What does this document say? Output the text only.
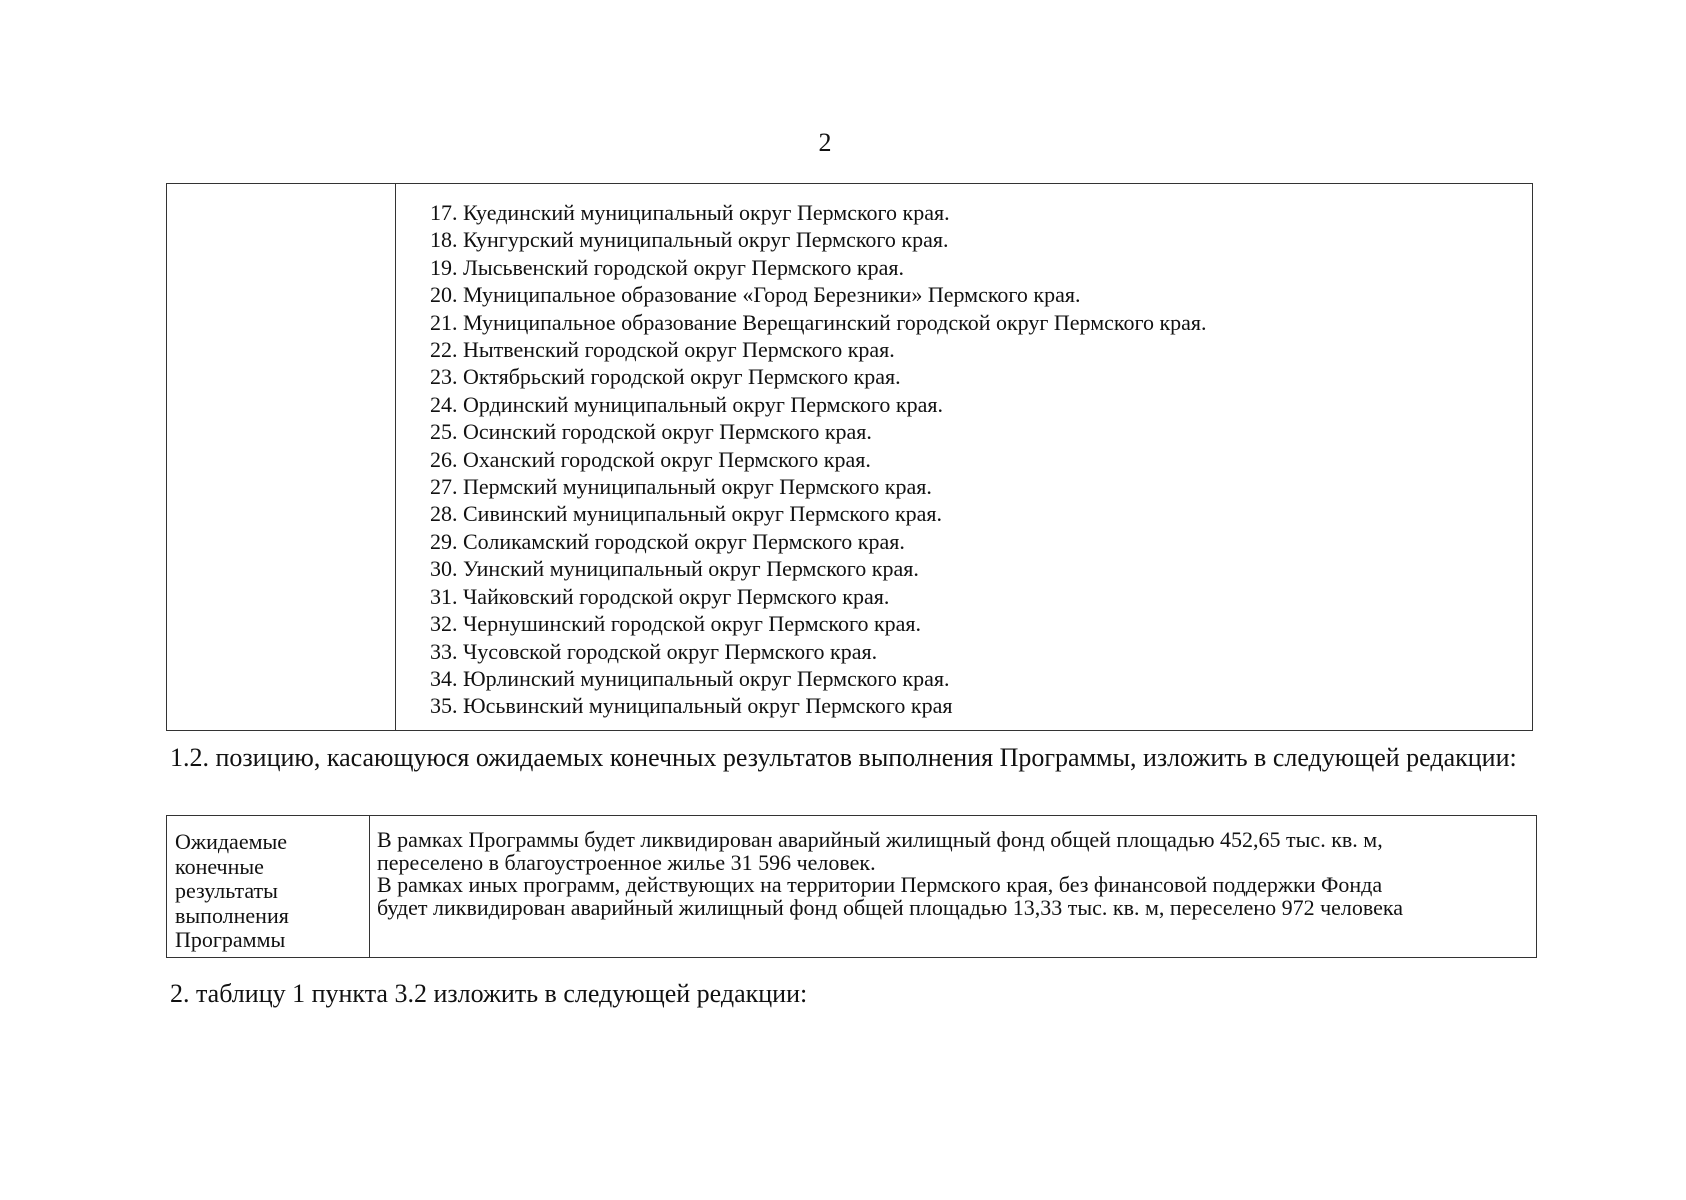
2
17. Куединский муниципальный округ Пермского края.
18. Кунгурский муниципальный округ Пермского края.
19. Лысьвенский городской округ Пермского края.
20. Муниципальное образование «Город Березники» Пермского края.
21. Муниципальное образование Верещагинский городской округ Пермского края.
22. Нытвенский городской округ Пермского края.
23. Октябрьский городской округ Пермского края.
24. Ординский муниципальный округ Пермского края.
25. Осинский городской округ Пермского края.
26. Оханский городской округ Пермского края.
27. Пермский муниципальный округ Пермского края.
28. Сивинский муниципальный округ Пермского края.
29. Соликамский городской округ Пермского края.
30. Уинский муниципальный округ Пермского края.
31. Чайковский городской округ Пермского края.
32. Чернушинский городской округ Пермского края.
33. Чусовской городской округ Пермского края.
34. Юрлинский муниципальный округ Пермского края.
35. Юсьвинский муниципальный округ Пермского края
1.2. позицию, касающуюся ожидаемых конечных результатов выполнения Программы, изложить в следующей редакции:
Ожидаемые
конечные
результаты
выполнения
Программы
В рамках Программы будет ликвидирован аварийный жилищный фонд общей площадью 452,65 тыс. кв. м,
переселено в благоустроенное жилье 31 596 человек.
В рамках иных программ, действующих на территории Пермского края, без финансовой поддержки Фонда
будет ликвидирован аварийный жилищный фонд общей площадью 13,33 тыс. кв. м, переселено 972 человека
2. таблицу 1 пункта 3.2 изложить в следующей редакции:
